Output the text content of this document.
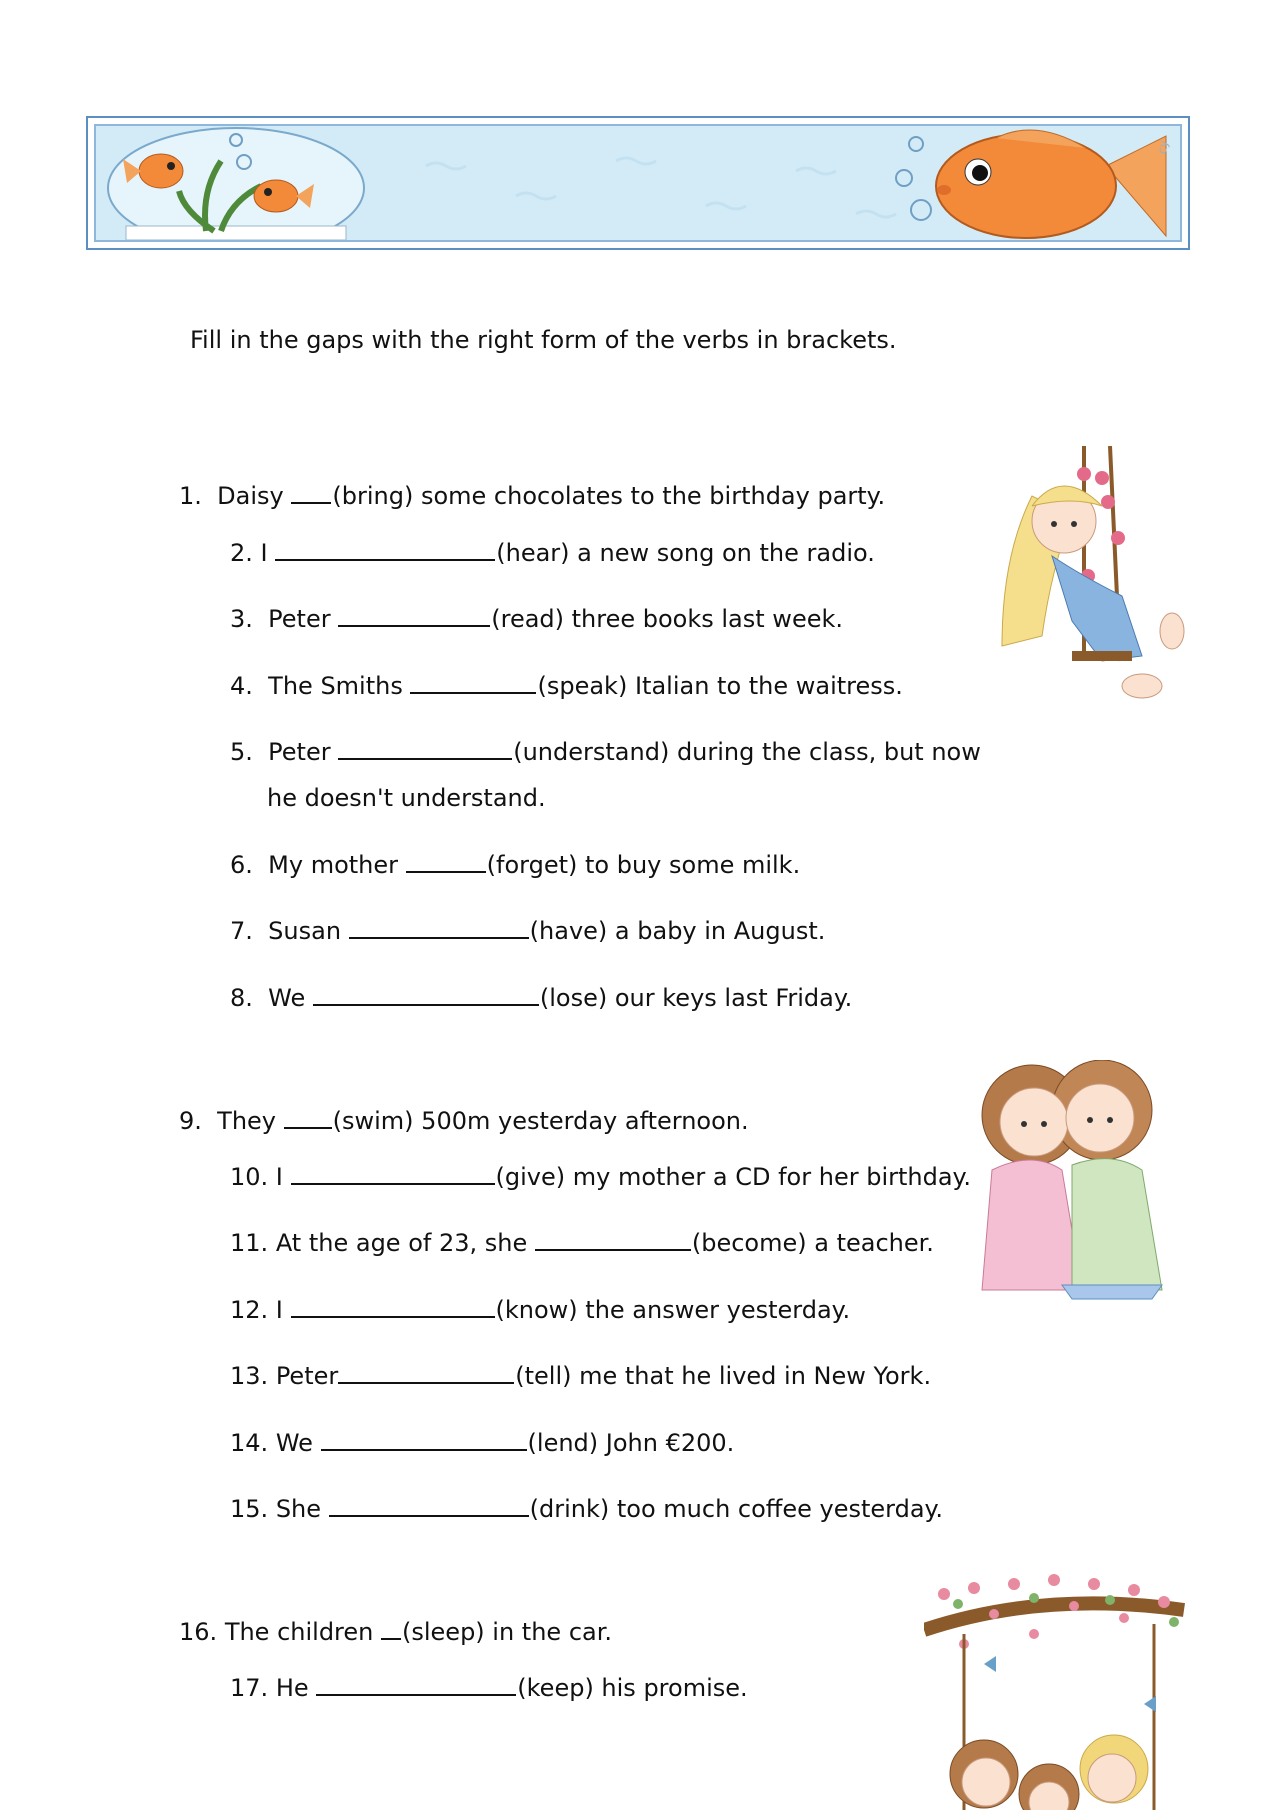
cy
Fill in the gaps with the right form of the verbs in brackets.
1. Daisy (bring) some chocolates to the birthday party.
2. I	(hear) a new song on the radio.
3. Peter	(read) three books last week.
4. The Smiths	(speak) Italian to the waitress.
5. Peter	(understand) during the class, but now
he doesn't understand.
6. My mother	(forget) to buy some milk.
7. Susan	(have) a baby in August.
8. We	(lose) our keys last Friday.
9. They (swim) 500m yesterday afternoon.
10. I	(give) my mother a CD for her birthday.
11. At the age of 23, she	(become) a teacher.
12. I	(know) the answer yesterday.
13. Peter	(tell) me that he lived in New York.
14. We	(lend) John €200.
15. She	(drink) too much coffee yesterday.
16. The children (sleep) in the car.
17. He	(keep) his promise.
